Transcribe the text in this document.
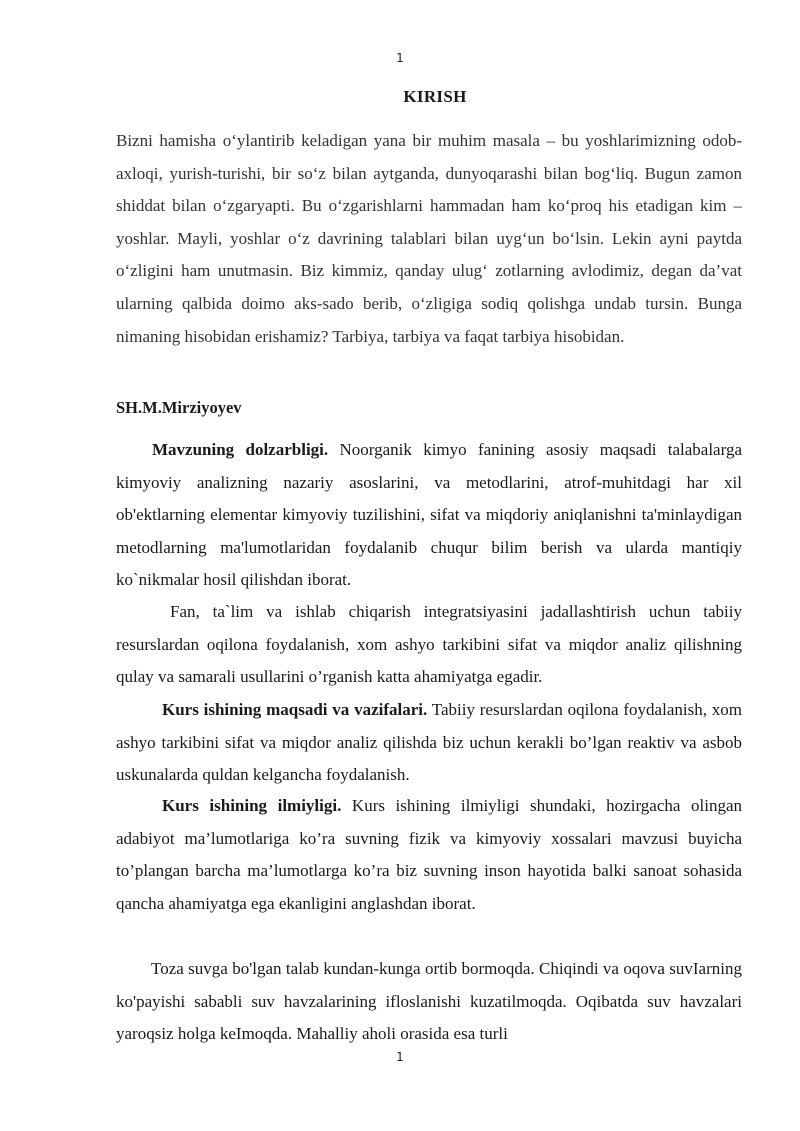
1
KIRISH

Bizni hamisha o‘ylantirib keladigan yana bir muhim masala – bu yoshlarimizning odob-axloqi, yurish-turishi, bir so‘z bilan aytganda, dunyoqarashi bilan bog‘liq. Bugun zamon shiddat bilan o‘zgaryapti. Bu o‘zgarishlarni hammadan ham ko‘proq his etadigan kim – yoshlar. Mayli, yoshlar o‘z davrining talablari bilan uyg‘un bo‘lsin. Lekin ayni paytda o‘zligini ham unutmasin. Biz kimmiz, qanday ulug‘ zotlarning avlodimiz, degan da’vat ularning qalbida doimo aks-sado berib, o‘zligiga sodiq qolishga undab tursin. Bunga nimaning hisobidan erishamiz? Tarbiya, tarbiya va faqat tarbiya hisobidan.

SH.M.Mirziyoyev

Mavzuning dolzarbligi. Noorganik kimyo fanining asosiy maqsadi talabalarga kimyoviy analizning nazariy asoslarini, va metodlarini, atrof-muhitdagi har xil ob'ektlarning elementar kimyoviy tuzilishini, sifat va miqdoriy aniqlanishni ta'minlaydigan metodlarning ma'lumotlaridan foydalanib chuqur bilim berish va ularda mantiqiy ko`nikmalar hosil qilishdan iborat.

Fan, ta`lim va ishlab chiqarish integratsiyasini jadallashtirish uchun tabiiy resurslardan oqilona foydalanish, xom ashyo tarkibini sifat va miqdor analiz qilishning qulay va samarali usullarini o’rganish katta ahamiyatga egadir.

Kurs ishining maqsadi va vazifalari. Tabiiy resurslardan oqilona foydalanish, xom ashyo tarkibini sifat va miqdor analiz qilishda biz uchun kerakli bo’lgan reaktiv va asbob uskunalarda quldan kelgancha foydalanish.

Kurs ishining ilmiyligi. Kurs ishining ilmiyligi shundaki, hozirgacha olingan adabiyot ma’lumotlariga ko’ra suvning fizik va kimyoviy xossalari mavzusi buyicha to’plangan barcha ma’lumotlarga ko’ra biz suvning inson hayotida balki sanoat sohasida qancha ahamiyatga ega ekanligini anglashdan iborat.

Toza suvga bo'lgan talab kundan-kunga ortib bormoqda. Chiqindi va oqova suvIarning ko'payishi sababli suv havzalarining ifloslanishi kuzatilmoqda. Oqibatda suv havzalari yaroqsiz holga keImoqda. Mahalliy aholi orasida esa turli

1
